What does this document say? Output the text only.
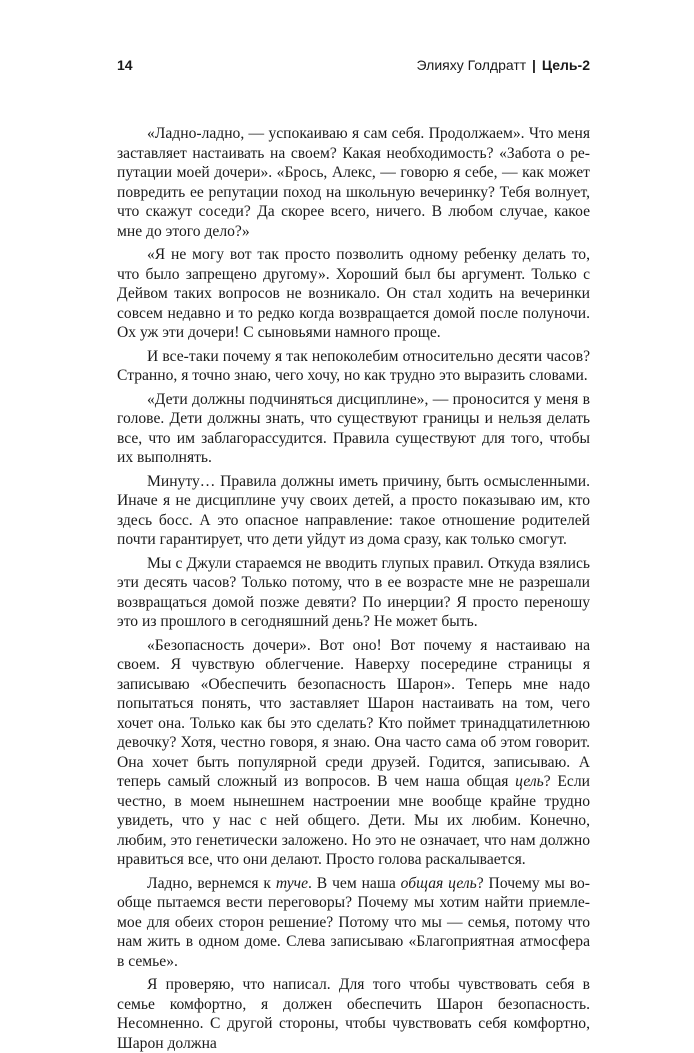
14	Элияху Голдратт | Цель-2

«Ладно-ладно, — успокаиваю я сам себя. Продолжаем». Что меня заставляет настаивать на своем? Какая необходимость? «Забота о репутации моей дочери». «Брось, Алекс, — говорю я себе, — как может повредить ее репутации поход на школьную вечеринку? Тебя волнует, что скажут соседи? Да скорее всего, ничего. В любом случае, какое мне до этого дело?»

«Я не могу вот так просто позволить одному ребенку делать то, что было запрещено другому». Хороший был бы аргумент. Только с Дейвом таких вопросов не возникало. Он стал ходить на вечеринки совсем недавно и то редко когда возвращается домой после полуночи. Ох уж эти дочери! С сыновьями намного проще.

И все-таки почему я так непоколебим относительно десяти часов? Странно, я точно знаю, чего хочу, но как трудно это выразить словами.

«Дети должны подчиняться дисциплине», — проносится у меня в голове. Дети должны знать, что существуют границы и нельзя делать все, что им заблагорассудится. Правила существуют для того, чтобы их выполнять.

Минуту… Правила должны иметь причину, быть осмысленными. Иначе я не дисциплине учу своих детей, а просто показываю им, кто здесь босс. А это опасное направление: такое отношение родителей почти гарантирует, что дети уйдут из дома сразу, как только смогут.

Мы с Джули стараемся не вводить глупых правил. Откуда взялись эти десять часов? Только потому, что в ее возрасте мне не разрешали возвращаться домой позже девяти? По инерции? Я просто переношу это из прошлого в сегодняшний день? Не может быть.

«Безопасность дочери». Вот оно! Вот почему я настаиваю на своем. Я чувствую облегчение. Наверху посередине страницы я записываю «Обеспечить безопасность Шарон». Теперь мне надо попытаться понять, что заставляет Шарон настаивать на том, чего хочет она. Только как бы это сделать? Кто поймет тринадцатилетнюю девочку? Хотя, честно говоря, я знаю. Она часто сама об этом говорит. Она хочет быть популярной среди друзей. Годится, записываю. А теперь самый сложный из вопросов. В чем наша общая цель? Если честно, в моем нынешнем настроении мне вообще крайне трудно увидеть, что у нас с ней общего. Дети. Мы их любим. Конечно, любим, это генетически заложено. Но это не означает, что нам должно нравиться все, что они делают. Просто голова раскалывается.

Ладно, вернемся к туче. В чем наша общая цель? Почему мы вообще пытаемся вести переговоры? Почему мы хотим найти приемлемое для обеих сторон решение? Потому что мы — семья, потому что нам жить в одном доме. Слева записываю «Благоприятная атмосфера в семье».

Я проверяю, что написал. Для того чтобы чувствовать себя в семье комфортно, я должен обеспечить Шарон безопасность. Несомненно. С другой стороны, чтобы чувствовать себя комфортно, Шарон должна
